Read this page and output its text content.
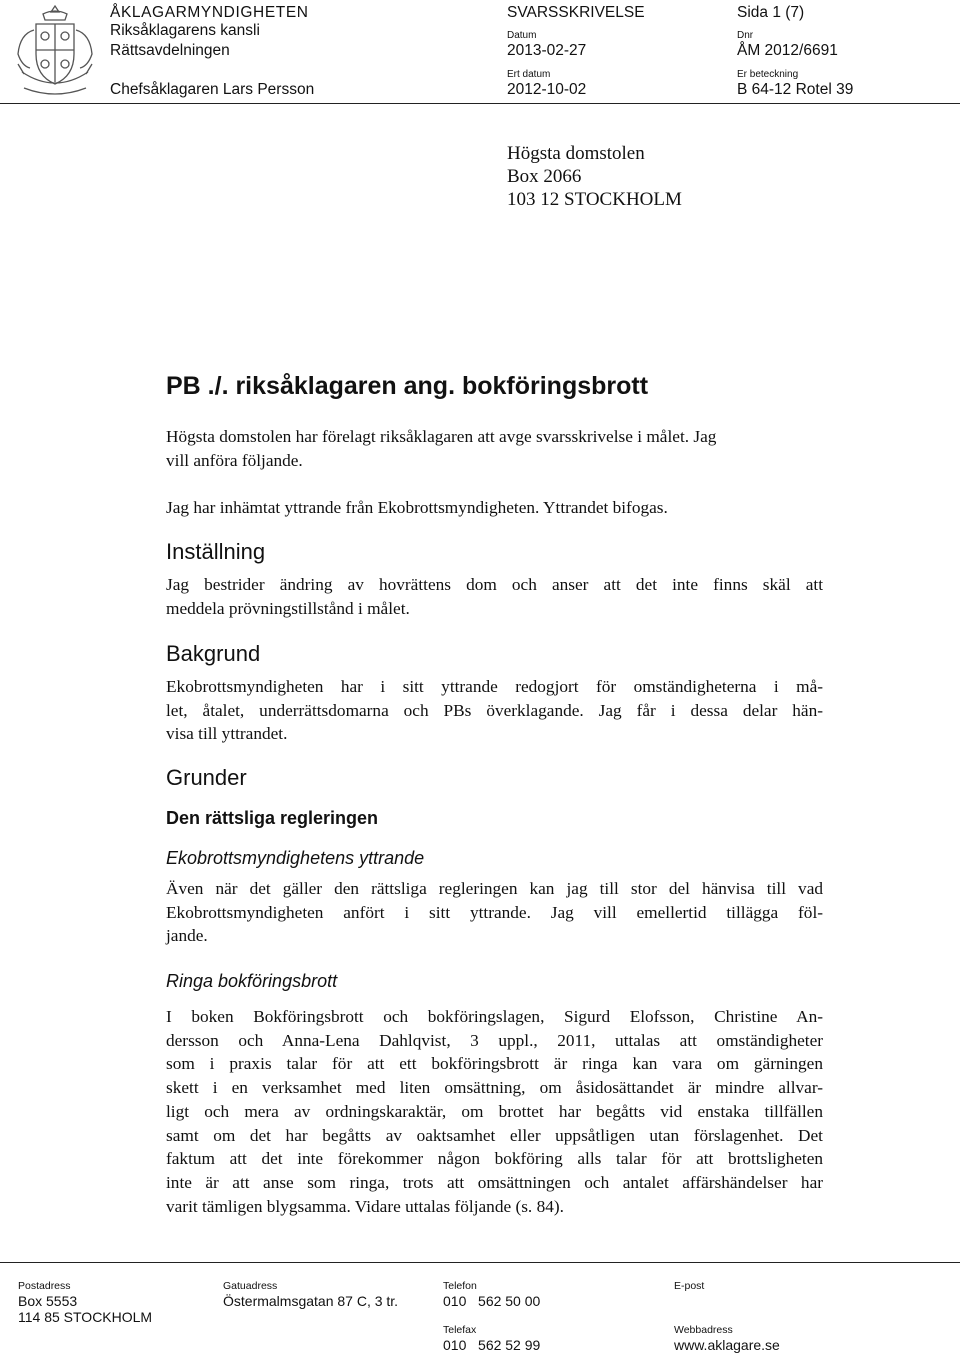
ÅKLAGARMYNDIGHETEN
Riksåklagarens kansli
Rättsavdelningen
Chefsåklagaren Lars Persson
SVARSSKRIVELSE	Sida 1 (7)
Datum
2013-02-27
Dnr
ÅM 2012/6691
Ert datum
2012-10-02
Er beteckning
B 64-12 Rotel 39
Högsta domstolen
Box 2066
103 12 STOCKHOLM
PB ./. riksåklagaren ang. bokföringsbrott
Högsta domstolen har förelagt riksåklagaren att avge svarsskrivelse i målet. Jag
vill anföra följande.
Jag har inhämtat yttrande från Ekobrottsmyndigheten. Yttrandet bifogas.
Inställning
Jag bestrider ändring av hovrättens dom och anser att det inte finns skäl att
meddela prövningstillstånd i målet.
Bakgrund
Ekobrottsmyndigheten har i sitt yttrande redogjort för omständigheterna i må-
let, åtalet, underrättsdomarna och PBs överklagande. Jag får i dessa delar hän-
visa till yttrandet.
Grunder
Den rättsliga regleringen
Ekobrottsmyndighetens yttrande
Även när det gäller den rättsliga regleringen kan jag till stor del hänvisa till vad
Ekobrottsmyndigheten anfört i sitt yttrande. Jag vill emellertid tillägga föl-
jande.
Ringa bokföringsbrott
I boken Bokföringsbrott och bokföringslagen, Sigurd Elofsson, Christine An-
dersson och Anna-Lena Dahlqvist, 3 uppl., 2011, uttalas att omständigheter
som i praxis talar för att ett bokföringsbrott är ringa kan vara om gärningen
skett i en verksamhet med liten omsättning, om åsidosättandet är mindre allvar-
ligt och mera av ordningskaraktär, om brottet har begåtts vid enstaka tillfällen
samt om det har begåtts av oaktsamhet eller uppsåtligen utan förslagenhet. Det
faktum att det inte förekommer någon bokföring alls talar för att brottsligheten
inte är att anse som ringa, trots att omsättningen och antalet affärshändelser har
varit tämligen blygsamma. Vidare uttalas följande (s. 84).
Postadress
Box 5553
114 85 STOCKHOLM
Gatuadress
Östermalmsgatan 87 C, 3 tr.
Telefon
010   562 50 00
Telefax
010   562 52 99
E-post
Webbadress
www.aklagare.se
